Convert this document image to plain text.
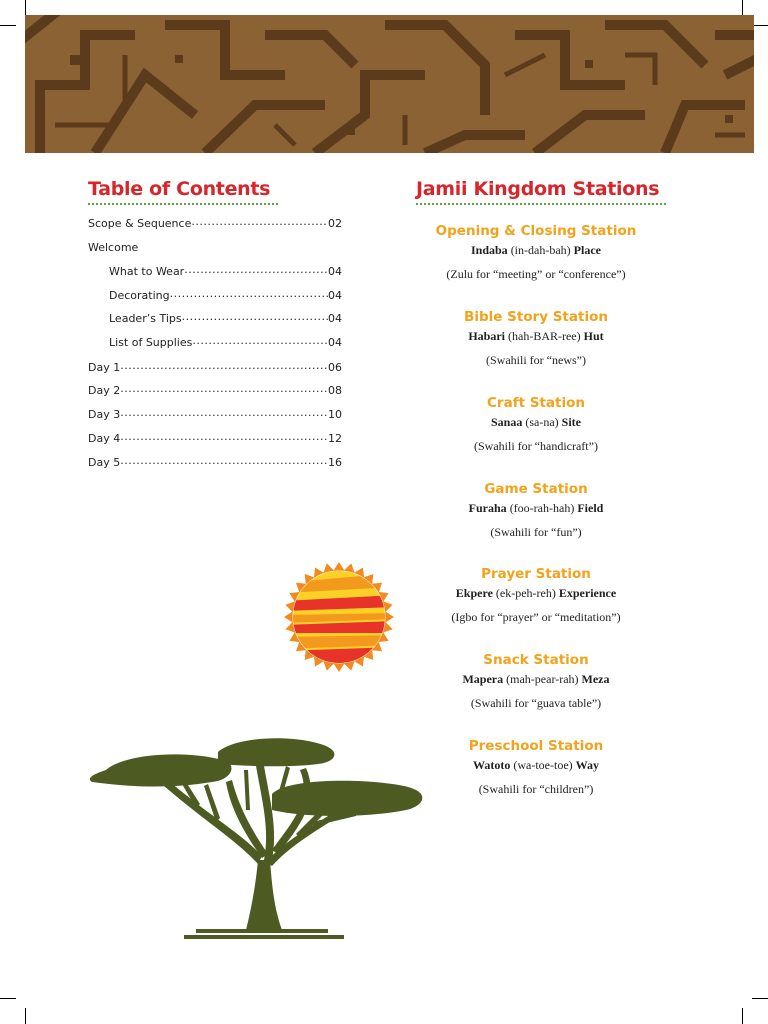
Table of Contents
Scope & Sequence .....	02
Welcome
What to Wear .....	04
Decorating .....	04
Leader’s Tips .....	04
List of Supplies .....	04
Day 1 .....	06
Day 2 .....	08
Day 3 .....	10
Day 4 .....	12
Day 5 .....	16
Jamii Kingdom Stations
Opening & Closing Station
Indaba (in-dah-bah) Place
(Zulu for “meeting” or “conference”)
Bible Story Station
Habari (hah-BAR-ree) Hut
(Swahili for “news”)
Craft Station
Sanaa (sa-na) Site
(Swahili for “handicraft”)
Game Station
Furaha (foo-rah-hah) Field
(Swahili for “fun”)
Prayer Station
Ekpere (ek-peh-reh) Experience
(Igbo for “prayer” or “meditation”)
Snack Station
Mapera (mah-pear-rah) Meza
(Swahili for “guava table”)
Preschool Station
Watoto (wa-toe-toe) Way
(Swahili for “children”)
